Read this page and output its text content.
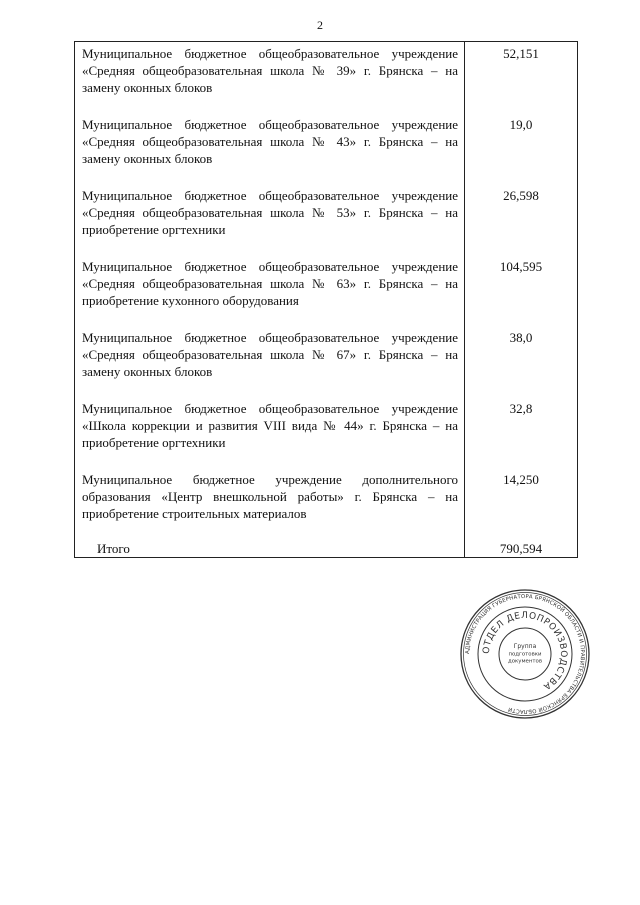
2
Муниципальное бюджетное общеобразовательное учреждение «Средняя общеобразовательная школа № 39» г. Брянска – на замену оконных блоков	52,151

Муниципальное бюджетное общеобразовательное учреждение «Средняя общеобразовательная школа № 43» г. Брянска – на замену оконных блоков	19,0

Муниципальное бюджетное общеобразовательное учреждение «Средняя общеобразовательная школа № 53» г. Брянска – на приобретение оргтехники	26,598

Муниципальное бюджетное общеобразовательное учреждение «Средняя общеобразовательная школа № 63» г. Брянска – на приобретение кухонного оборудования	104,595

Муниципальное бюджетное общеобразовательное учреждение «Средняя общеобразовательная школа № 67» г. Брянска – на замену оконных блоков	38,0

Муниципальное бюджетное общеобразовательное учреждение «Школа коррекции и развития VIII вида № 44» г. Брянска – на приобретение оргтехники	32,8

Муниципальное бюджетное учреждение дополнительного образования «Центр внешкольной работы» г. Брянска – на приобретение строительных материалов	14,250
Итого	790,594
АДМИНИСТРАЦИЯ ГУБЕРНАТОРА БРЯНСКОЙ ОБЛАСТИ И ПРАВИТЕЛЬСТВА БРЯНСКОЙ ОБЛАСТИ
ОТДЕЛ ДЕЛОПРОИЗВОДСТВА
Группа
подготовки
документов
